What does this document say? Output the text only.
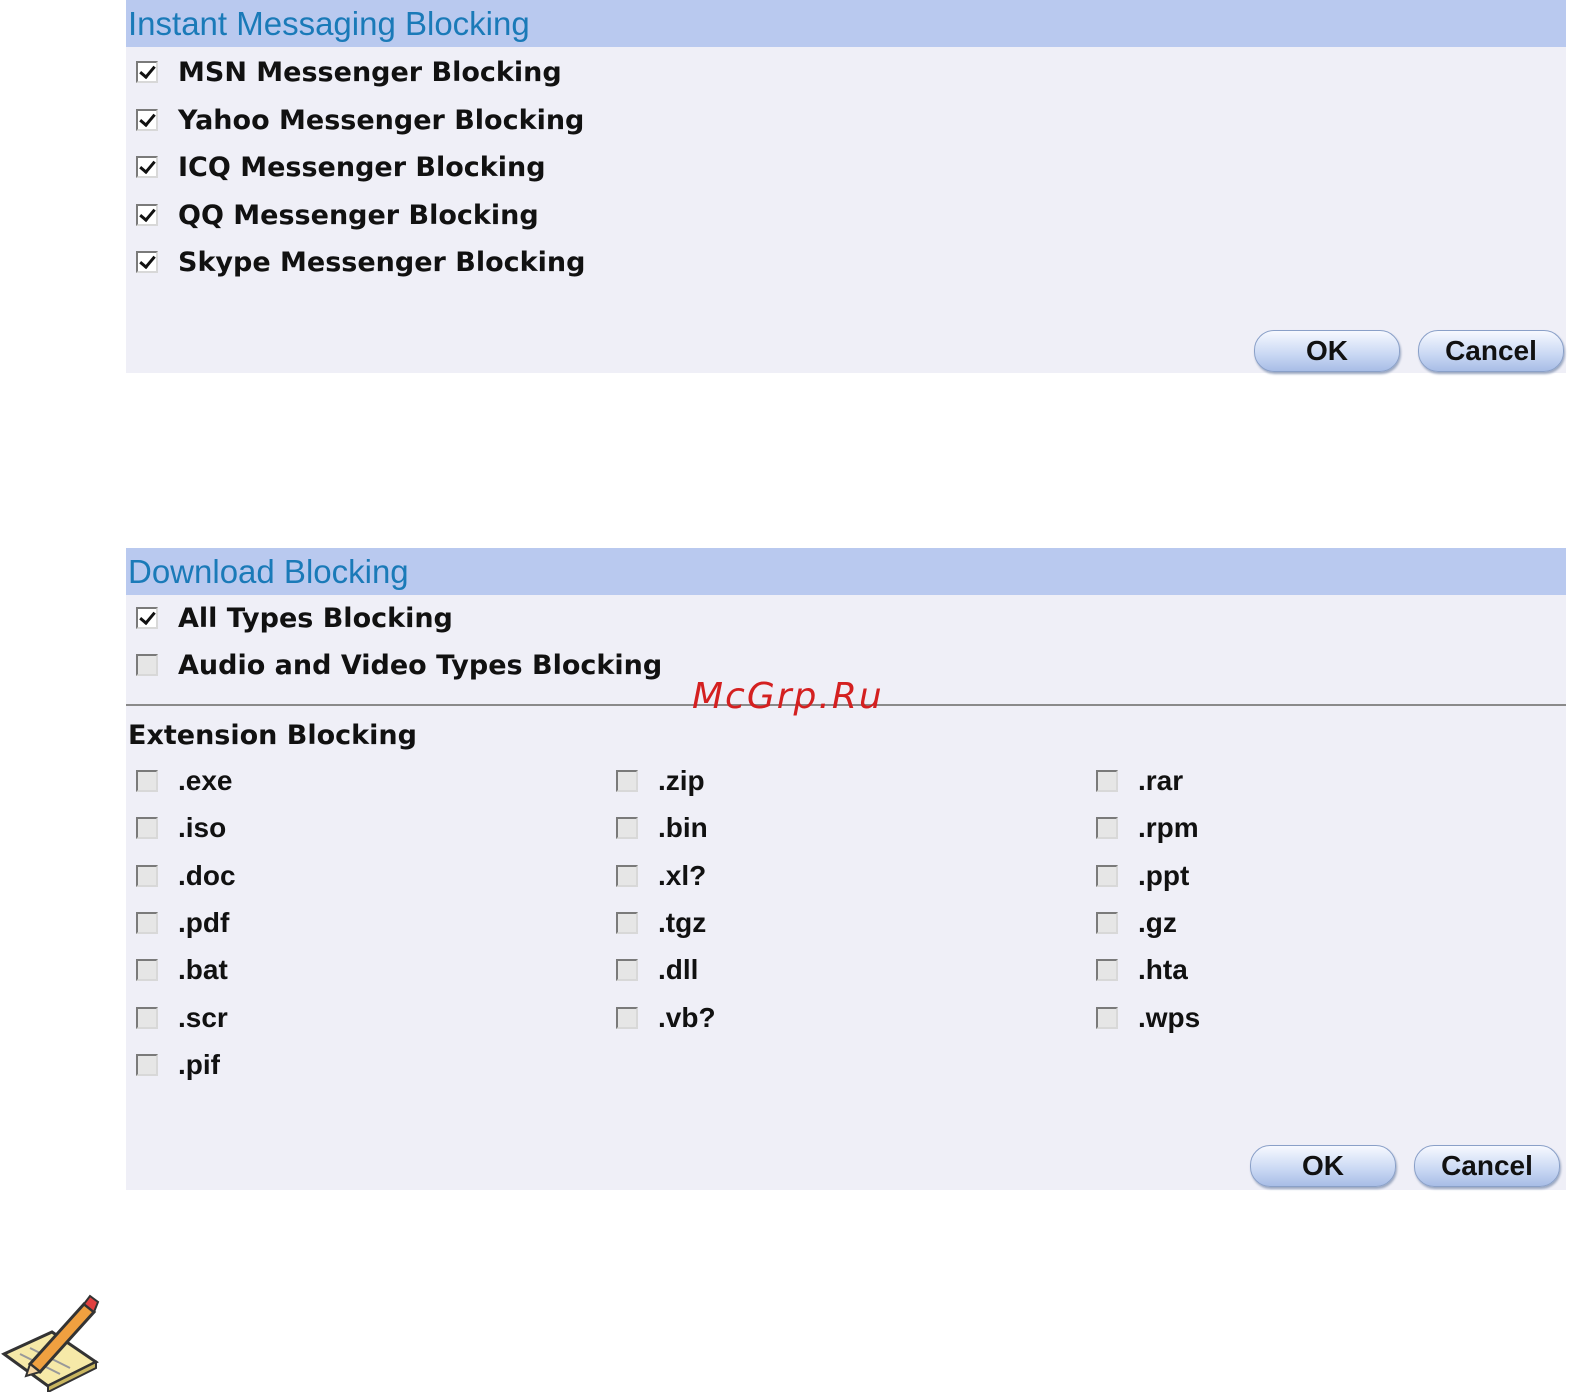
Instant Messaging Blocking
MSN Messenger Blocking
Yahoo Messenger Blocking
ICQ Messenger Blocking
QQ Messenger Blocking
Skype Messenger Blocking
OK	Cancel
Download Blocking
All Types Blocking
Audio and Video Types Blocking
Extension Blocking
.exe
.iso
.doc
.pdf
.bat
.scr
.pif
.zip
.bin
.xl?
.tgz
.dll
.vb?
.rar
.rpm
.ppt
.gz
.hta
.wps
OK	Cancel
McGrp.Ru
